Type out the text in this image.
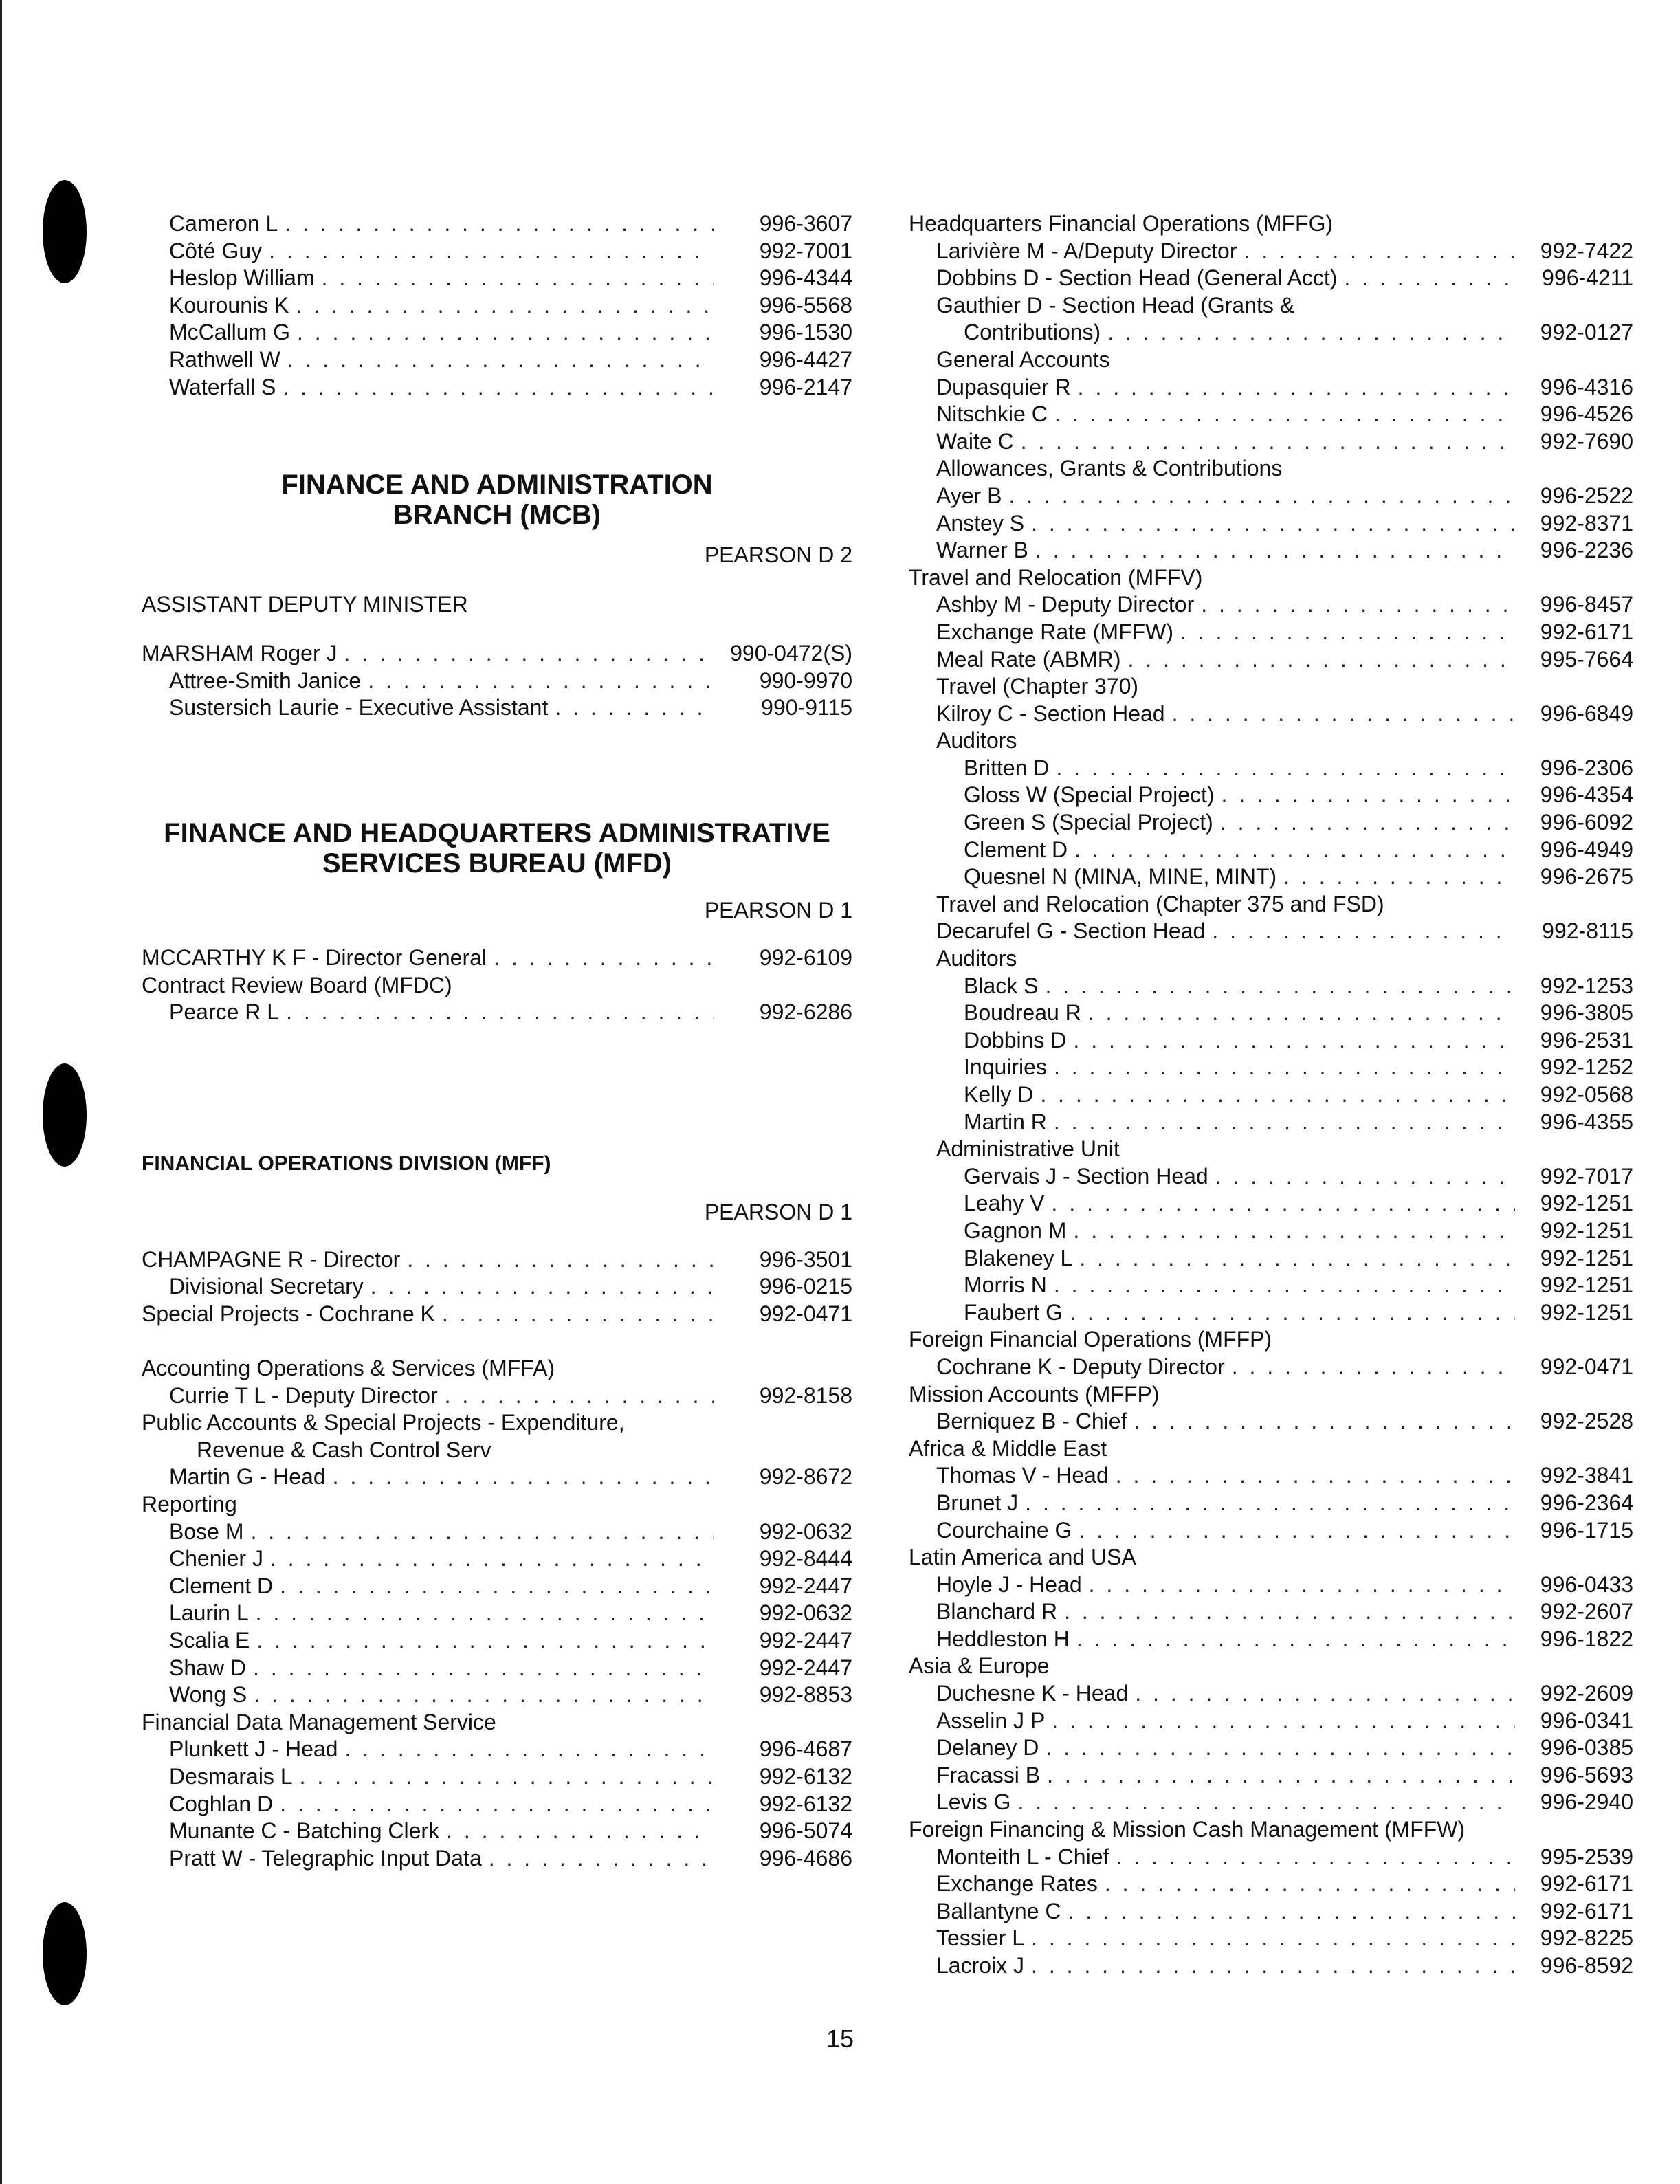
Cameron L . . .	996-3607
Côté Guy . . .	992-7001
Heslop William . . .	996-4344
Kourounis K . . .	996-5568
McCallum G . . .	996-1530
Rathwell W . . .	996-4427
Waterfall S . . .	996-2147
FINANCE AND ADMINISTRATION
BRANCH (MCB)
PEARSON D 2
ASSISTANT DEPUTY MINISTER
MARSHAM Roger J . . .	990-0472(S)
Attree-Smith Janice . . .	990-9970
Sustersich Laurie - Executive Assistant . . .	990-9115
FINANCE AND HEADQUARTERS ADMINISTRATIVE
SERVICES BUREAU (MFD)
PEARSON D 1
MCCARTHY K F - Director General . . .	992-6109
Contract Review Board (MFDC)
Pearce R L . . .	992-6286
FINANCIAL OPERATIONS DIVISION (MFF)
PEARSON D 1
CHAMPAGNE R - Director . . .	996-3501
Divisional Secretary . . .	996-0215
Special Projects - Cochrane K . . .	992-0471
Accounting Operations & Services (MFFA)
Currie T L - Deputy Director . . .	992-8158
Public Accounts & Special Projects - Expenditure,
Revenue & Cash Control Serv
Martin G - Head . . .	992-8672
Reporting
Bose M . . .	992-0632
Chenier J . . .	992-8444
Clement D . . .	992-2447
Laurin L . . .	992-0632
Scalia E . . .	992-2447
Shaw D . . .	992-2447
Wong S . . .	992-8853
Financial Data Management Service
Plunkett J - Head . . .	996-4687
Desmarais L . . .	992-6132
Coghlan D . . .	992-6132
Munante C - Batching Clerk . . .	996-5074
Pratt W - Telegraphic Input Data . . .	996-4686
Headquarters Financial Operations (MFFG)
Larivière M - A/Deputy Director . . .	992-7422
Dobbins D - Section Head (General Acct) . . .	996-4211
Gauthier D - Section Head (Grants &
Contributions) . . .	992-0127
General Accounts
Dupasquier R . . .	996-4316
Nitschkie C . . .	996-4526
Waite C . . .	992-7690
Allowances, Grants & Contributions
Ayer B . . .	996-2522
Anstey S . . .	992-8371
Warner B . . .	996-2236
Travel and Relocation (MFFV)
Ashby M - Deputy Director . . .	996-8457
Exchange Rate (MFFW) . . .	992-6171
Meal Rate (ABMR) . . .	995-7664
Travel (Chapter 370)
Kilroy C - Section Head . . .	996-6849
Auditors
Britten D . . .	996-2306
Gloss W (Special Project) . . .	996-4354
Green S (Special Project) . . .	996-6092
Clement D . . .	996-4949
Quesnel N (MINA, MINE, MINT) . . .	996-2675
Travel and Relocation (Chapter 375 and FSD)
Decarufel G - Section Head . . .	992-8115
Auditors
Black S . . .	992-1253
Boudreau R . . .	996-3805
Dobbins D . . .	996-2531
Inquiries . . .	992-1252
Kelly D . . .	992-0568
Martin R . . .	996-4355
Administrative Unit
Gervais J - Section Head . . .	992-7017
Leahy V . . .	992-1251
Gagnon M . . .	992-1251
Blakeney L . . .	992-1251
Morris N . . .	992-1251
Faubert G . . .	992-1251
Foreign Financial Operations (MFFP)
Cochrane K - Deputy Director . . .	992-0471
Mission Accounts (MFFP)
Berniquez B - Chief . . .	992-2528
Africa & Middle East
Thomas V - Head . . .	992-3841
Brunet J . . .	996-2364
Courchaine G . . .	996-1715
Latin America and USA
Hoyle J - Head . . .	996-0433
Blanchard R . . .	992-2607
Heddleston H . . .	996-1822
Asia & Europe
Duchesne K - Head . . .	992-2609
Asselin J P . . .	996-0341
Delaney D . . .	996-0385
Fracassi B . . .	996-5693
Levis G . . .	996-2940
Foreign Financing & Mission Cash Management (MFFW)
Monteith L - Chief . . .	995-2539
Exchange Rates . . .	992-6171
Ballantyne C . . .	992-6171
Tessier L . . .	992-8225
Lacroix J . . .	996-8592
15
